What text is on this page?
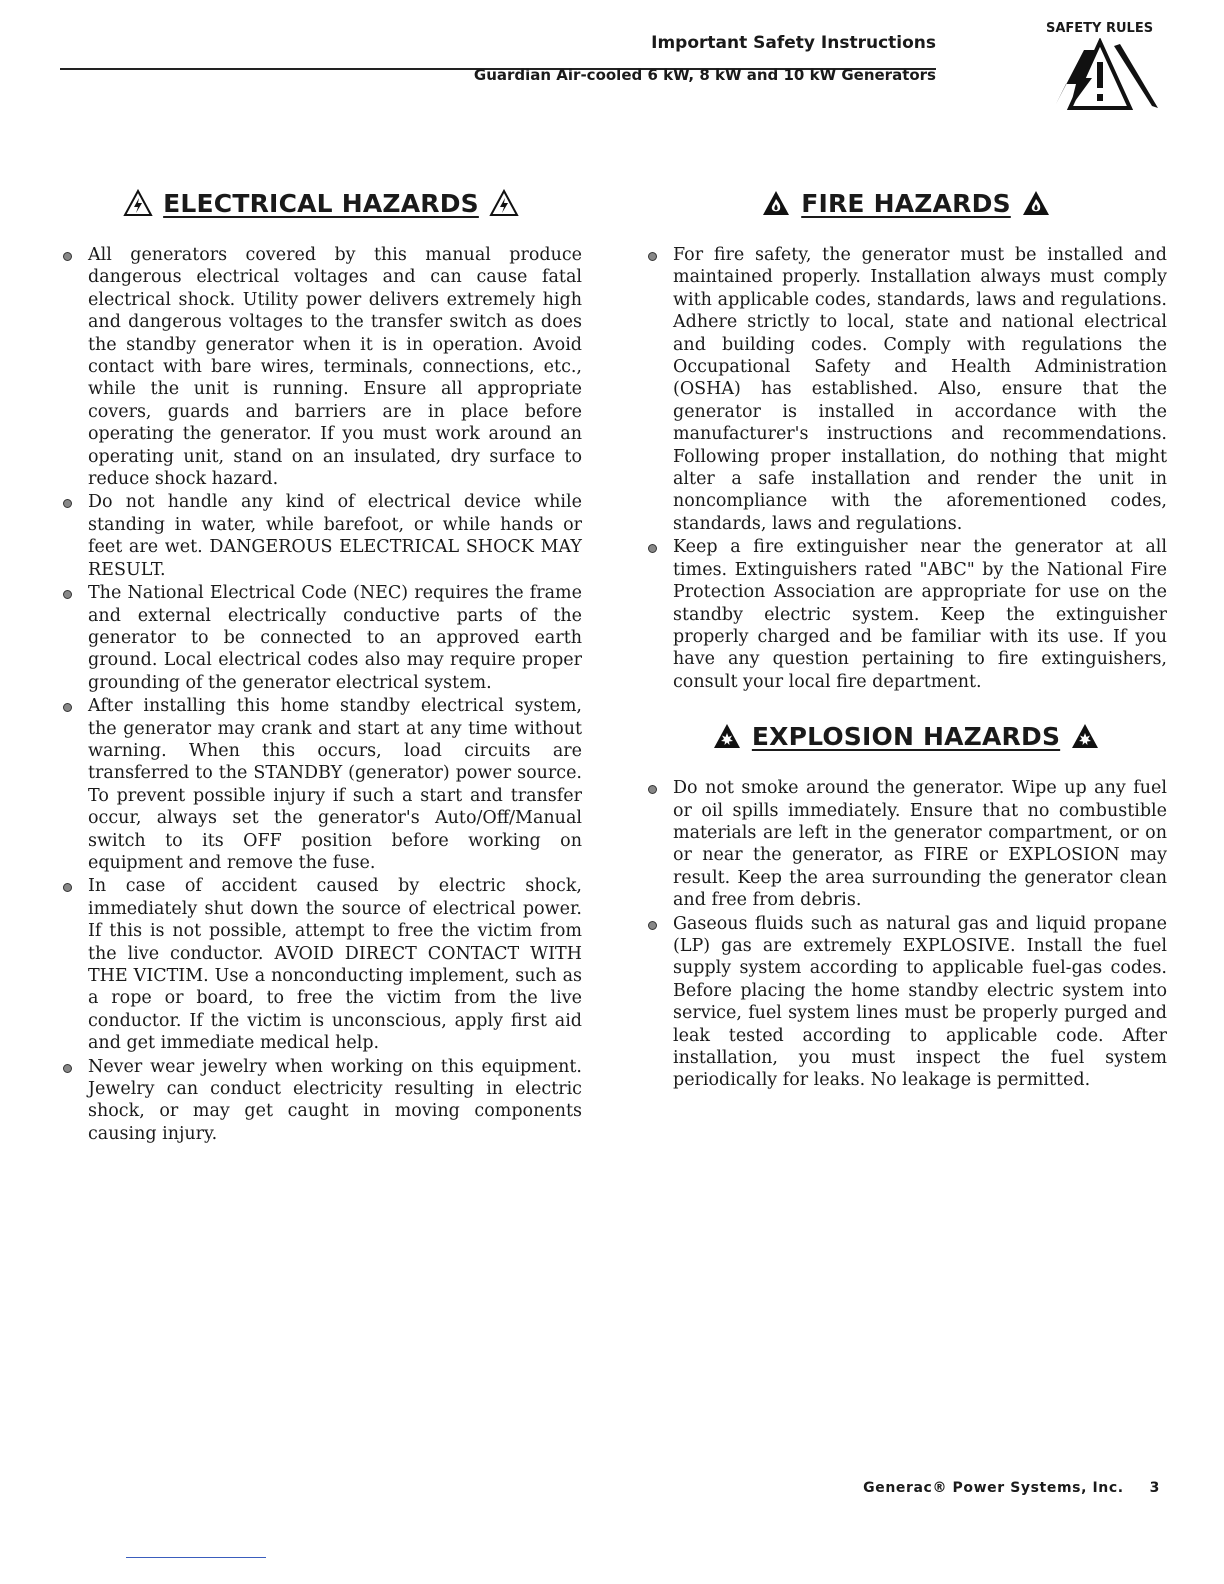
Important Safety Instructions
Guardian Air-cooled 6 kW, 8 kW and 10 kW Generators
SAFETY RULES
ELECTRICAL HAZARDS
All generators covered by this manual produce dangerous electrical voltages and can cause fatal electrical shock. Utility power delivers extremely high and dangerous voltages to the transfer switch as does the standby generator when it is in operation. Avoid contact with bare wires, terminals, connections, etc., while the unit is running. Ensure all appropriate covers, guards and barriers are in place before operating the generator. If you must work around an operating unit, stand on an insulated, dry surface to reduce shock hazard.
Do not handle any kind of electrical device while standing in water, while barefoot, or while hands or feet are wet. DANGEROUS ELECTRICAL SHOCK MAY RESULT.
The National Electrical Code (NEC) requires the frame and external electrically conductive parts of the generator to be connected to an approved earth ground. Local electrical codes also may require proper grounding of the generator electrical system.
After installing this home standby electrical system, the generator may crank and start at any time without warning. When this occurs, load circuits are transferred to the STANDBY (generator) power source. To prevent possible injury if such a start and transfer occur, always set the generator's Auto/Off/Manual switch to its OFF position before working on equipment and remove the fuse.
In case of accident caused by electric shock, immediately shut down the source of electrical power. If this is not possible, attempt to free the victim from the live conductor. AVOID DIRECT CONTACT WITH THE VICTIM. Use a nonconducting implement, such as a rope or board, to free the victim from the live conductor. If the victim is unconscious, apply first aid and get immediate medical help.
Never wear jewelry when working on this equipment. Jewelry can conduct electricity resulting in electric shock, or may get caught in moving components causing injury.
FIRE HAZARDS
For fire safety, the generator must be installed and maintained properly. Installation always must comply with applicable codes, standards, laws and regulations. Adhere strictly to local, state and national electrical and building codes. Comply with regulations the Occupational Safety and Health Administration (OSHA) has established. Also, ensure that the generator is installed in accordance with the manufacturer's instructions and recommendations. Following proper installation, do nothing that might alter a safe installation and render the unit in noncompliance with the aforementioned codes, standards, laws and regulations.
Keep a fire extinguisher near the generator at all times. Extinguishers rated "ABC" by the National Fire Protection Association are appropriate for use on the standby electric system. Keep the extinguisher properly charged and be familiar with its use. If you have any question pertaining to fire extinguishers, consult your local fire department.
EXPLOSION HAZARDS
Do not smoke around the generator. Wipe up any fuel or oil spills immediately. Ensure that no combustible materials are left in the generator compartment, or on or near the generator, as FIRE or EXPLOSION may result. Keep the area surrounding the generator clean and free from debris.
Gaseous fluids such as natural gas and liquid propane (LP) gas are extremely EXPLOSIVE. Install the fuel supply system according to applicable fuel-gas codes. Before placing the home standby electric system into service, fuel system lines must be properly purged and leak tested according to applicable code. After installation, you must inspect the fuel system periodically for leaks. No leakage is permitted.
Generac® Power Systems, Inc. 3
